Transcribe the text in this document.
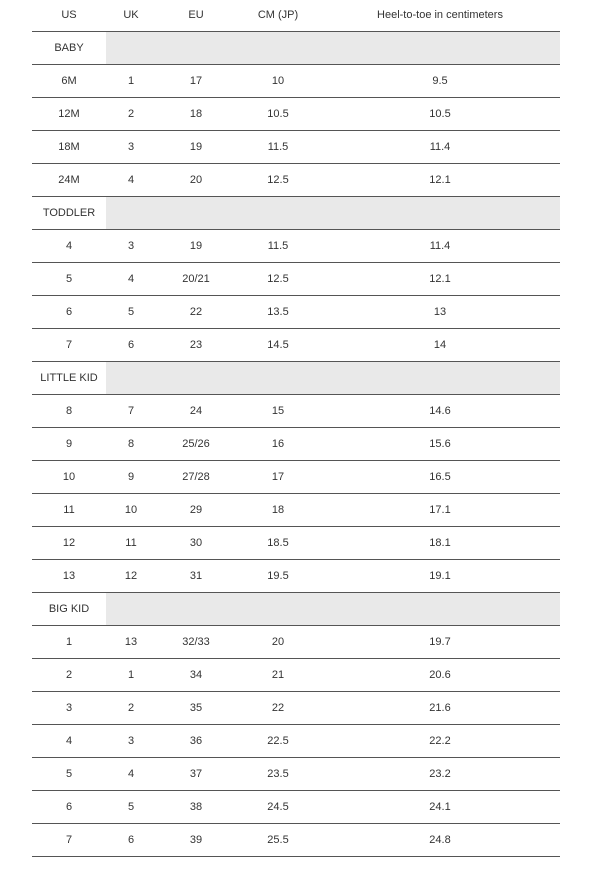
US	UK	EU	CM (JP)	Heel-to-toe in centimeters
BABY
6M	1	17	10	9.5
12M	2	18	10.5	10.5
18M	3	19	11.5	11.4
24M	4	20	12.5	12.1
TODDLER
4	3	19	11.5	11.4
5	4	20/21	12.5	12.1
6	5	22	13.5	13
7	6	23	14.5	14
LITTLE KID
8	7	24	15	14.6
9	8	25/26	16	15.6
10	9	27/28	17	16.5
11	10	29	18	17.1
12	11	30	18.5	18.1
13	12	31	19.5	19.1
BIG KID
1	13	32/33	20	19.7
2	1	34	21	20.6
3	2	35	22	21.6
4	3	36	22.5	22.2
5	4	37	23.5	23.2
6	5	38	24.5	24.1
7	6	39	25.5	24.8
